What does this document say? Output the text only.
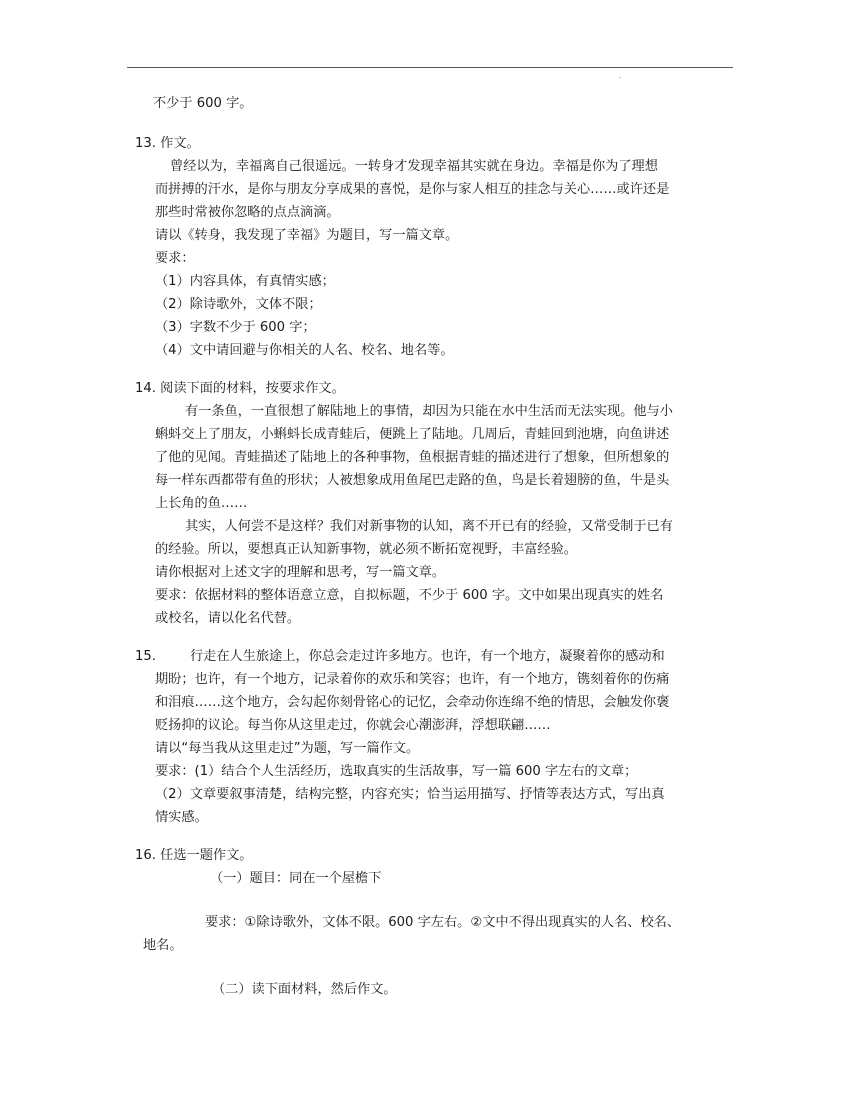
.
不少于 600 字。
13. 作文。
曾经以为，幸福离自己很遥远。一转身才发现幸福其实就在身边。幸福是你为了理想
而拼搏的汗水，是你与朋友分享成果的喜悦，是你与家人相互的挂念与关心……或许还是
那些时常被你忽略的点点滴滴。
请以《转身，我发现了幸福》为题目，写一篇文章。
要求：
（1）内容具体，有真情实感；
（2）除诗歌外，文体不限；
（3）字数不少于 600 字；
（4）文中请回避与你相关的人名、校名、地名等。
14. 阅读下面的材料，按要求作文。
有一条鱼，一直很想了解陆地上的事情，却因为只能在水中生活而无法实现。他与小
蝌蚪交上了朋友，小蝌蚪长成青蛙后，便跳上了陆地。几周后，青蛙回到池塘，向鱼讲述
了他的见闻。青蛙描述了陆地上的各种事物，鱼根据青蛙的描述进行了想象，但所想象的
每一样东西都带有鱼的形状；人被想象成用鱼尾巴走路的鱼，鸟是长着翅膀的鱼，牛是头
上长角的鱼……
其实，人何尝不是这样？我们对新事物的认知，离不开已有的经验，又常受制于已有
的经验。所以，要想真正认知新事物，就必须不断拓宽视野，丰富经验。
请你根据对上述文字的理解和思考，写一篇文章。
要求：依据材料的整体语意立意，自拟标题，不少于 600 字。文中如果出现真实的姓名
或校名，请以化名代替。
15.	行走在人生旅途上，你总会走过许多地方。也许，有一个地方，凝聚着你的感动和
期盼；也许，有一个地方，记录着你的欢乐和笑容；也许，有一个地方，镌刻着你的伤痛
和泪痕……这个地方，会勾起你刻骨铭心的记忆，会牵动你连绵不绝的情思，会触发你褒
贬扬抑的议论。每当你从这里走过，你就会心潮澎湃，浮想联翩……
请以“每当我从这里走过”为题，写一篇作文。
要求：(1）结合个人生活经历，选取真实的生活故事，写一篇 600 字左右的文章；
（2）文章要叙事清楚，结构完整，内容充实；恰当运用描写、抒情等表达方式，写出真
情实感。
16. 任选一题作文。
（一）题目：同在一个屋檐下
要求：①除诗歌外，文体不限。600 字左右。②文中不得出现真实的人名、校名、
地名。
（二）读下面材料，然后作文。
